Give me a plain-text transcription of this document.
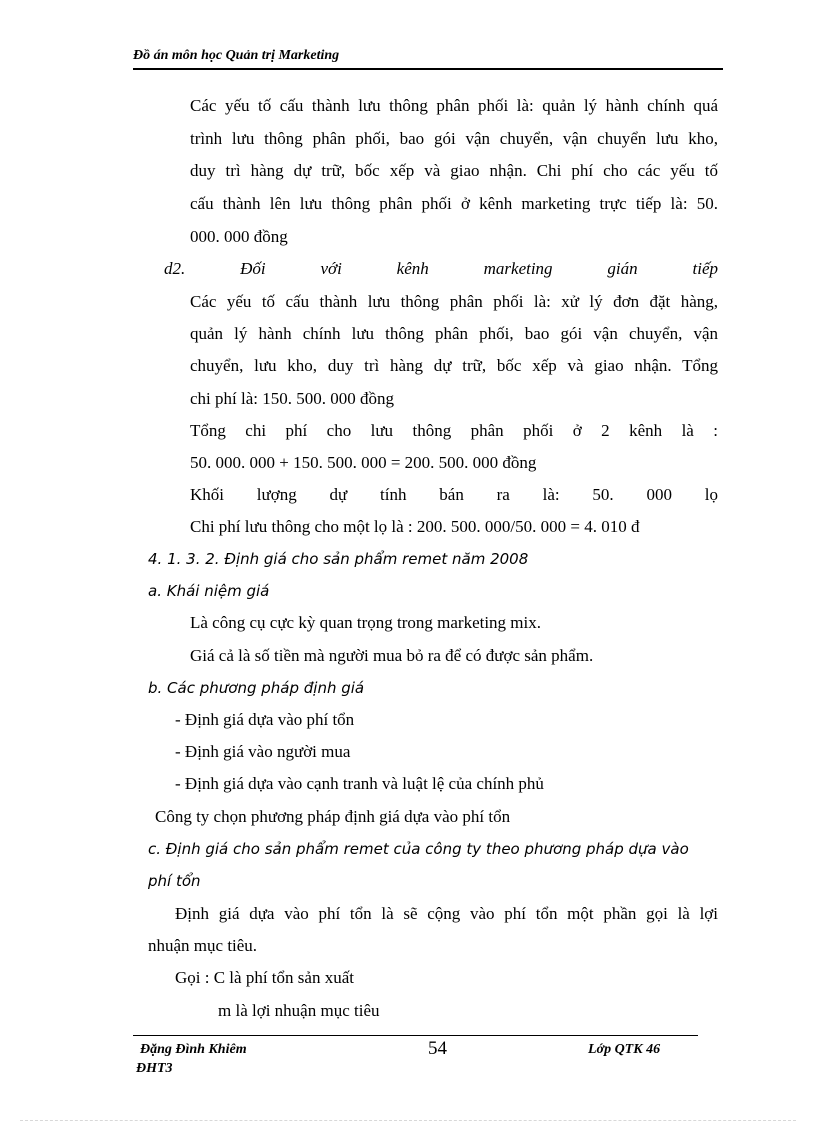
Đồ án môn học Quản trị Marketing
Các yếu tố cấu thành lưu thông phân phối là: quản lý hành chính quá
trình lưu thông phân phối, bao gói vận chuyển, vận chuyển lưu kho,
duy trì hàng dự trữ, bốc xếp và giao nhận. Chi phí cho các yếu tố
cấu thành lên lưu thông phân phối ở kênh marketing trực tiếp là: 50.
000. 000 đồng
d2. Đối với kênh marketing gián tiếp
Các yếu tố cấu thành lưu thông phân phối là: xử lý đơn đặt hàng,
quản lý hành chính lưu thông phân phối, bao gói vận chuyển, vận
chuyển, lưu kho, duy trì hàng dự trữ, bốc xếp và giao nhận. Tổng
chi phí là: 150. 500. 000 đồng
Tổng chi phí cho lưu thông phân phối ở 2 kênh là :
50. 000. 000 + 150. 500. 000 = 200. 500. 000 đồng
Khối lượng dự tính bán ra là: 50. 000 lọ
Chi phí lưu thông cho một lọ là : 200. 500. 000/50. 000 = 4. 010 đ
4. 1. 3. 2. Định giá cho sản phẩm remet năm 2008
a. Khái niệm giá
Là công cụ cực kỳ quan trọng trong marketing mix.
Giá cả là số tiền mà người mua bỏ ra để có được sản phẩm.
b. Các phương pháp định giá
- Định giá dựa vào phí tổn
- Định giá vào người mua
- Định giá dựa vào cạnh tranh và luật lệ của chính phủ
Công ty chọn phương pháp định giá dựa vào phí tổn
c. Định giá cho sản phẩm remet của công ty theo phương pháp dựa vào
phí tổn
Định giá dựa vào phí tổn là sẽ cộng vào phí tổn một phần gọi là lợi
nhuận mục tiêu.
Gọi : C là phí tổn sản xuất
m là lợi nhuận mục tiêu
Đặng Đình Khiêm	54	Lớp QTK 46
ĐHT3
